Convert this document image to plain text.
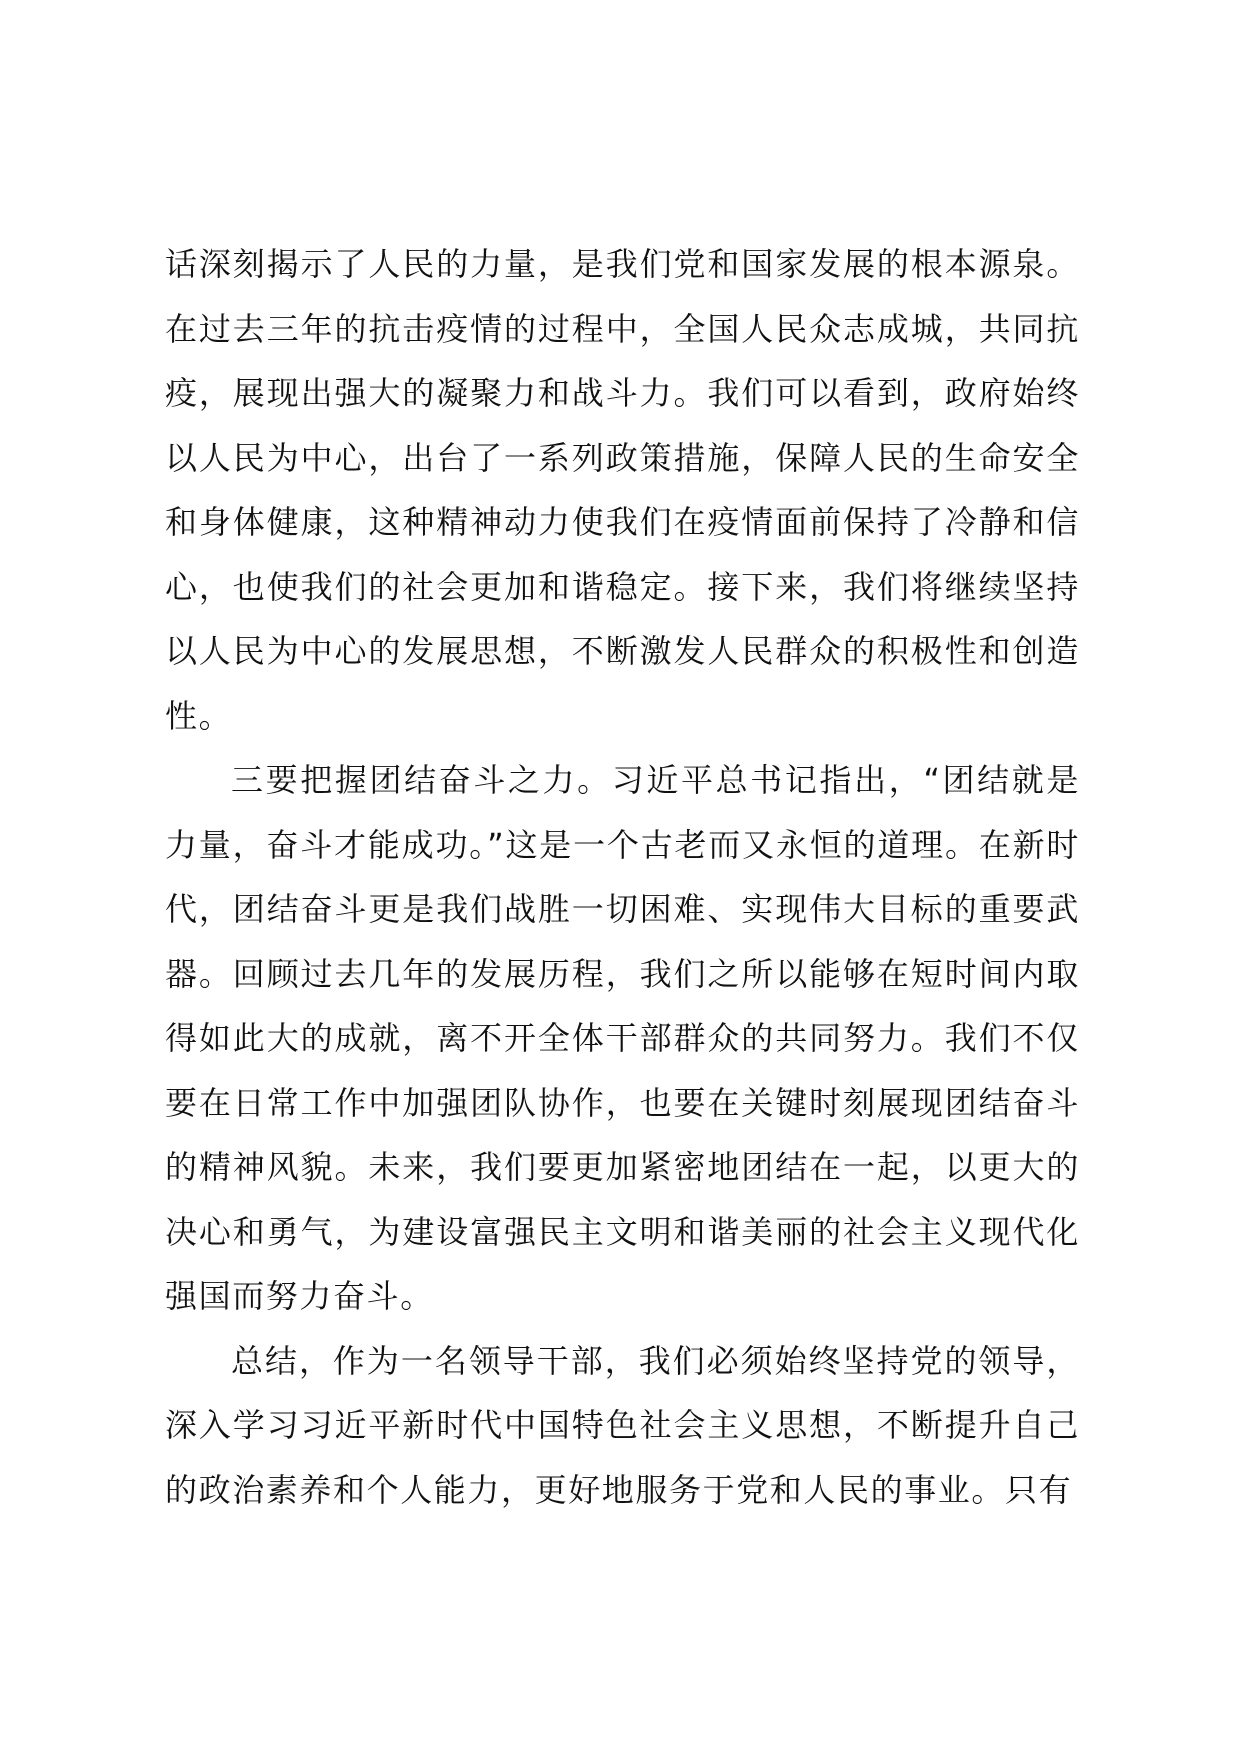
话深刻揭示了人民的力量，是我们党和国家发展的根本源泉。在过去三年的抗击疫情的过程中，全国人民众志成城，共同抗疫，展现出强大的凝聚力和战斗力。我们可以看到，政府始终以人民为中心，出台了一系列政策措施，保障人民的生命安全和身体健康，这种精神动力使我们在疫情面前保持了冷静和信心，也使我们的社会更加和谐稳定。接下来，我们将继续坚持以人民为中心的发展思想，不断激发人民群众的积极性和创造性。

三要把握团结奋斗之力。习近平总书记指出，“团结就是力量，奋斗才能成功。”这是一个古老而又永恒的道理。在新时代，团结奋斗更是我们战胜一切困难、实现伟大目标的重要武器。回顾过去几年的发展历程，我们之所以能够在短时间内取得如此大的成就，离不开全体干部群众的共同努力。我们不仅要在日常工作中加强团队协作，也要在关键时刻展现团结奋斗的精神风貌。未来，我们要更加紧密地团结在一起，以更大的决心和勇气，为建设富强民主文明和谐美丽的社会主义现代化强国而努力奋斗。

总结，作为一名领导干部，我们必须始终坚持党的领导，深入学习习近平新时代中国特色社会主义思想，不断提升自己的政治素养和个人能力，更好地服务于党和人民的事业。只有
